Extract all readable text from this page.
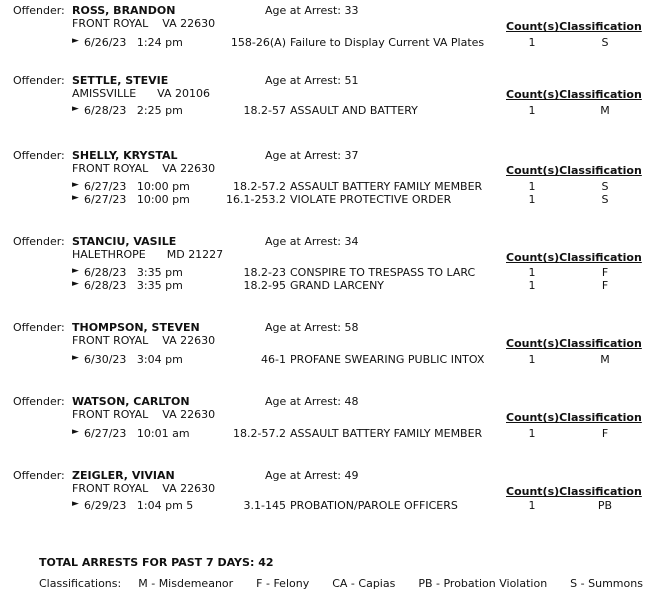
Offender: ROSS, BRANDON	Age at Arrest: 33
FRONT ROYAL    VA 22630	Count(s)Classification
► 6/26/23   1:24 pm	158-26(A) Failure to Display Current VA Plates	1	S
Offender: SETTLE, STEVIE	Age at Arrest: 51
AMISSVILLE      VA 20106	Count(s)Classification
► 6/28/23   2:25 pm	18.2-57 ASSAULT AND BATTERY	1	M
Offender: SHELLY, KRYSTAL	Age at Arrest: 37
FRONT ROYAL    VA 22630	Count(s)Classification
► 6/27/23   10:00 pm	18.2-57.2 ASSAULT BATTERY FAMILY MEMBER	1	S
► 6/27/23   10:00 pm	16.1-253.2 VIOLATE PROTECTIVE ORDER	1	S
Offender: STANCIU, VASILE	Age at Arrest: 34
HALETHROPE      MD 21227	Count(s)Classification
► 6/28/23   3:35 pm	18.2-23 CONSPIRE TO TRESPASS TO LARC	1	F
► 6/28/23   3:35 pm	18.2-95 GRAND LARCENY	1	F
Offender: THOMPSON, STEVEN	Age at Arrest: 58
FRONT ROYAL    VA 22630	Count(s)Classification
► 6/30/23   3:04 pm	46-1 PROFANE SWEARING PUBLIC INTOX	1	M
Offender: WATSON, CARLTON	Age at Arrest: 48
FRONT ROYAL    VA 22630	Count(s)Classification
► 6/27/23   10:01 am	18.2-57.2 ASSAULT BATTERY FAMILY MEMBER	1	F
Offender: ZEIGLER, VIVIAN	Age at Arrest: 49
FRONT ROYAL    VA 22630	Count(s)Classification
► 6/29/23   1:04 pm 5	3.1-145 PROBATION/PAROLE OFFICERS	1	PB
TOTAL ARRESTS FOR PAST 7 DAYS: 42
Classifications: M - Misdemeanor F - Felony CA - Capias PB - Probation Violation S - Summons
